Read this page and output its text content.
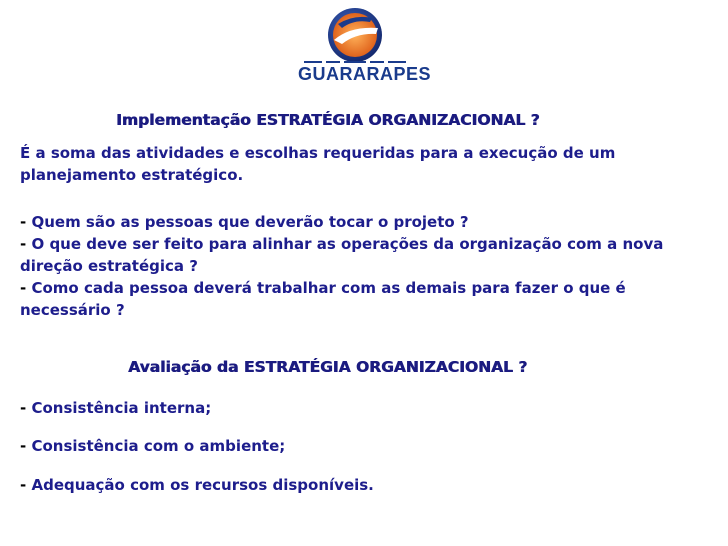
GUARARAPES
Implementação ESTRATÉGIA ORGANIZACIONAL ?

É a soma das atividades e escolhas requeridas para a execução de um planejamento estratégico.

- Quem são as pessoas que deverão tocar o projeto ?
- O que deve ser feito para alinhar as operações da organização com a nova direção estratégica ?
- Como cada pessoa deverá trabalhar com as demais para fazer o que é necessário ?
Avaliação da ESTRATÉGIA ORGANIZACIONAL ?
- Consistência interna;
- Consistência com o ambiente;
- Adequação com os recursos disponíveis.
